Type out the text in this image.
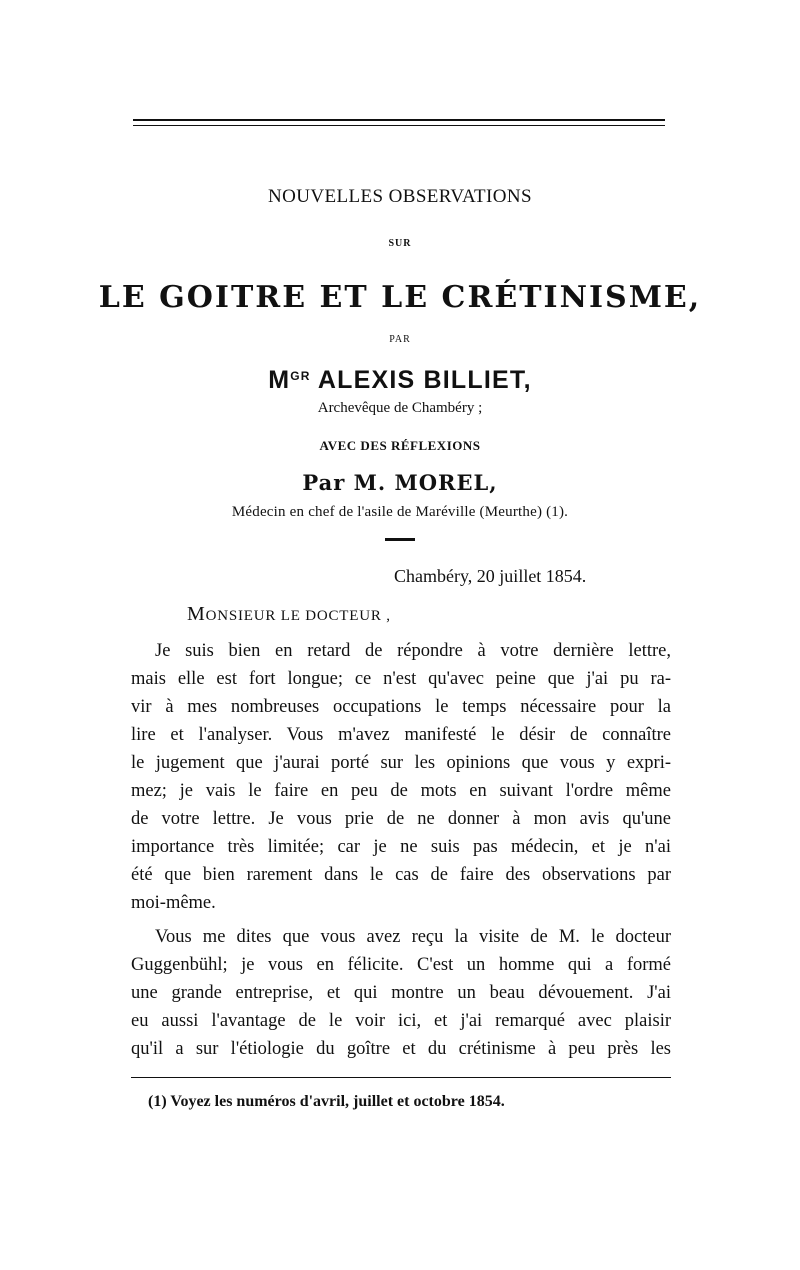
NOUVELLES OBSERVATIONS
SUR
LE GOITRE ET LE CRÉTINISME,
PAR
$M^{GR}$ ALEXIS BILLIET,
Archevêque de Chambéry ;
AVEC DES RÉFLEXIONS
Par M. MOREL,
Médecin en chef de l'asile de Maréville (Meurthe) (1).
Chambéry, 20 juillet 1854.
MONSIEUR LE DOCTEUR ,
Je suis bien en retard de répondre à votre dernière lettre,
mais elle est fort longue; ce n'est qu'avec peine que j'ai pu ra-
vir à mes nombreuses occupations le temps nécessaire pour la
lire et l'analyser. Vous m'avez manifesté le désir de connaître
le jugement que j'aurai porté sur les opinions que vous y expri-
mez; je vais le faire en peu de mots en suivant l'ordre même
de votre lettre. Je vous prie de ne donner à mon avis qu'une
importance très limitée; car je ne suis pas médecin, et je n'ai
été que bien rarement dans le cas de faire des observations par
moi-même.
Vous me dites que vous avez reçu la visite de M. le docteur
Guggenbühl; je vous en félicite. C'est un homme qui a formé
une grande entreprise, et qui montre un beau dévouement. J'ai
eu aussi l'avantage de le voir ici, et j'ai remarqué avec plaisir
qu'il a sur l'étiologie du goître et du crétinisme à peu près les
(1) Voyez les numéros d'avril, juillet et octobre 1854.
